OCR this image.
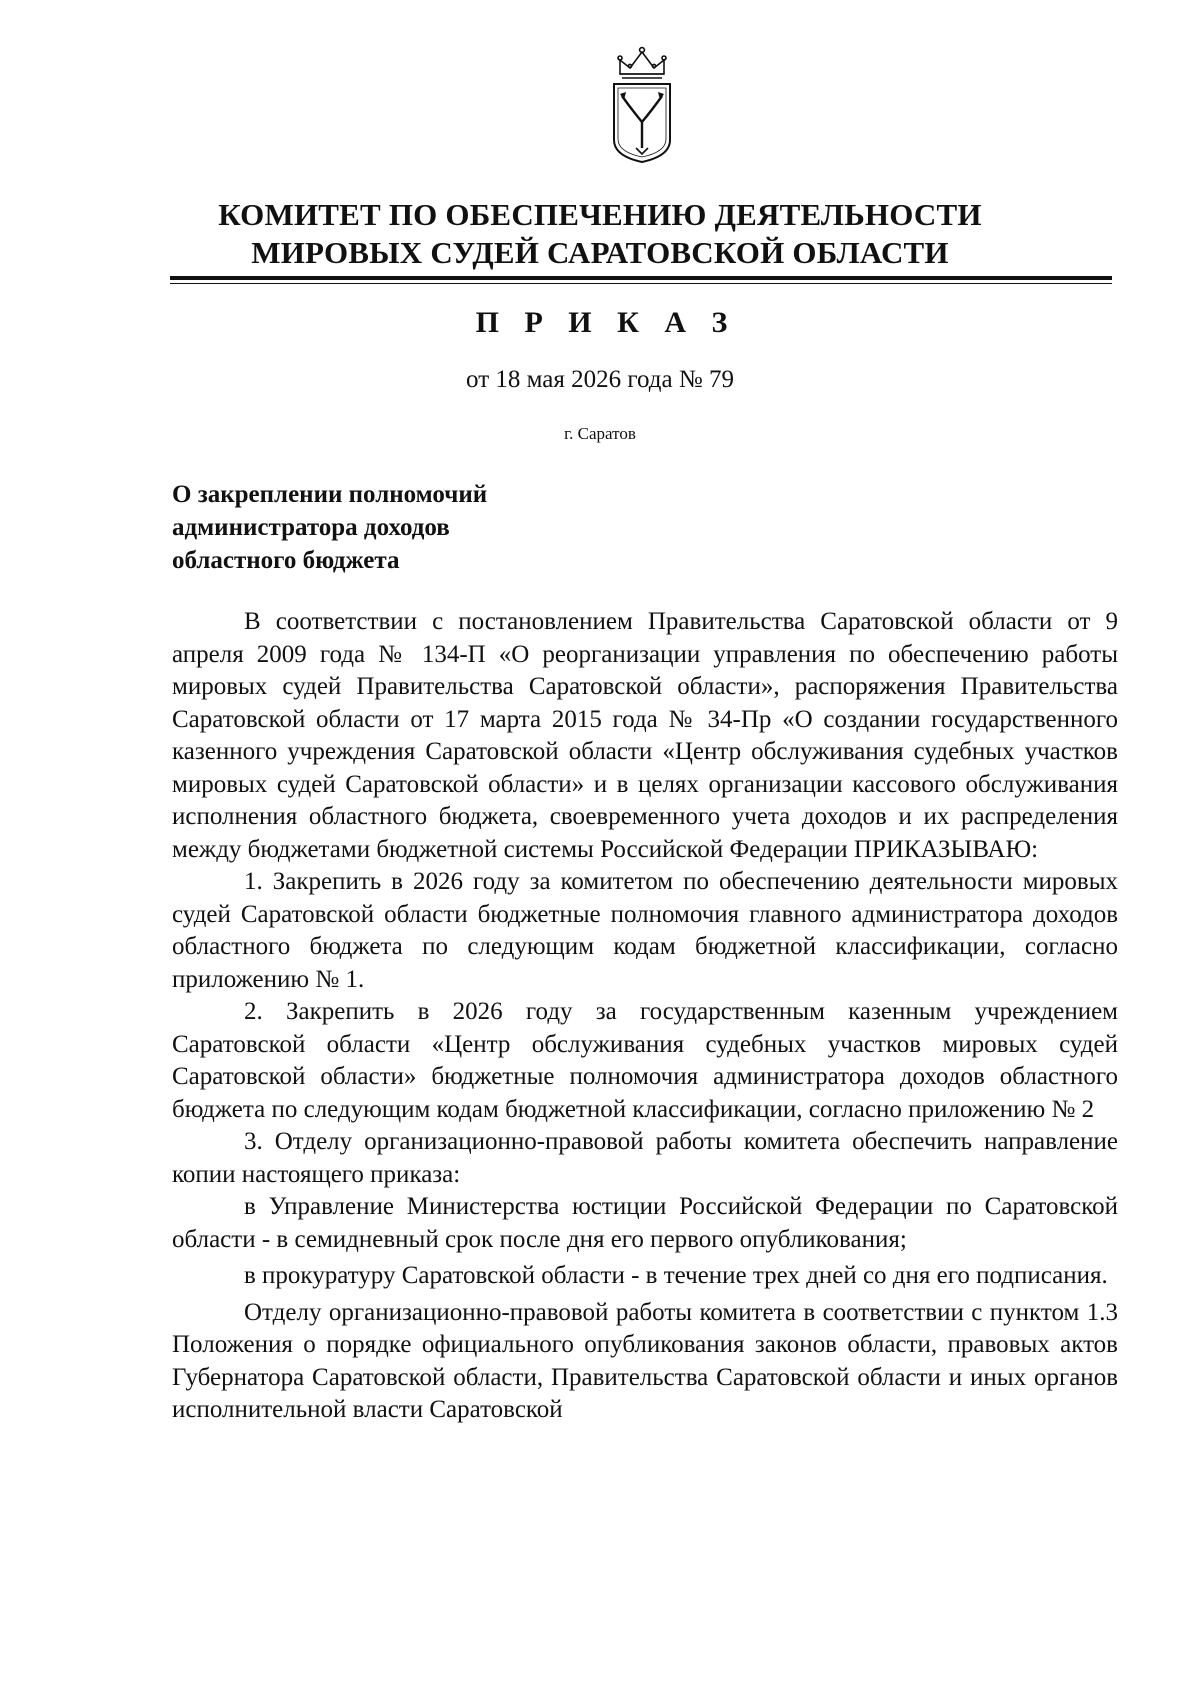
КОМИТЕТ ПО ОБЕСПЕЧЕНИЮ ДЕЯТЕЛЬНОСТИ
МИРОВЫХ СУДЕЙ САРАТОВСКОЙ ОБЛАСТИ
П Р И К А З
от 18 мая 2026 года № 79
г. Саратов
О закреплении полномочий
администратора доходов
областного бюджета

В соответствии с постановлением Правительства Саратовской области от 9 апреля 2009 года № 134-П «О реорганизации управления по обеспечению работы мировых судей Правительства Саратовской области», распоряжения Правительства Саратовской области от 17 марта 2015 года № 34-Пр «О создании государственного казенного учреждения Саратовской области «Центр обслуживания судебных участков мировых судей Саратовской области» и в целях организации кассового обслуживания исполнения областного бюджета, своевременного учета доходов и их распределения между бюджетами бюджетной системы Российской Федерации ПРИКАЗЫВАЮ:

1. Закрепить в 2026 году за комитетом по обеспечению деятельности мировых судей Саратовской области бюджетные полномочия главного администратора доходов областного бюджета по следующим кодам бюджетной классификации, согласно приложению № 1.

2. Закрепить в 2026 году за государственным казенным учреждением Саратовской области «Центр обслуживания судебных участков мировых судей Саратовской области» бюджетные полномочия администратора доходов областного бюджета по следующим кодам бюджетной классификации, согласно приложению № 2

3. Отделу организационно-правовой работы комитета обеспечить направление копии настоящего приказа:

в Управление Министерства юстиции Российской Федерации по Саратовской области - в семидневный срок после дня его первого опубликования;

в прокуратуру Саратовской области - в течение трех дней со дня его подписания.

Отделу организационно-правовой работы комитета в соответствии с пунктом 1.3 Положения о порядке официального опубликования законов области, правовых актов Губернатора Саратовской области, Правительства Саратовской области и иных органов исполнительной власти Саратовской
